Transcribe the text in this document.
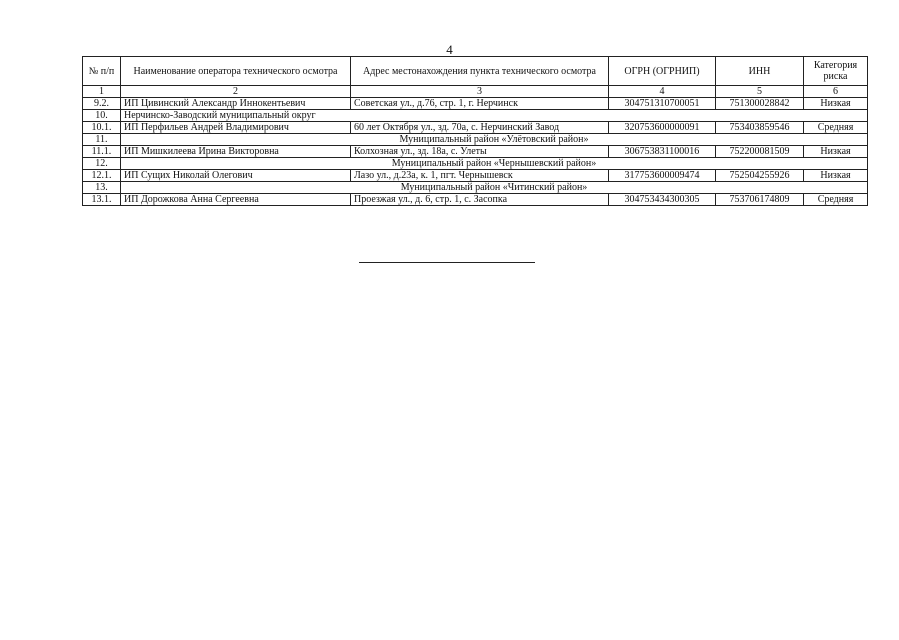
4
№ п/п	Наименование оператора технического осмотра	Адрес местонахождения пункта технического осмотра	ОГРН (ОГРНИП)	ИНН	Категория риска
1	2	3	4	5	6
9.2.	ИП Цивинский Александр Иннокентьевич	Советская ул., д.76, стр. 1, г. Нерчинск	304751310700051	751300028842	Низкая
10.	Нерчинско-Заводский муниципальный округ				
10.1.	ИП Перфильев Андрей Владимирович	60 лет Октября ул., зд. 70а, с. Нерчинский Завод	320753600000091	753403859546	Средняя
11.	Муниципальный район «Улётовский район»				
11.1.	ИП Мишкилеева Ирина Викторовна	Колхозная ул., зд. 18а, с. Улеты	306753831100016	752200081509	Низкая
12.	Муниципальный район «Чернышевский район»				
12.1.	ИП Сущих Николай Олегович	Лазо ул., д.23а, к. 1, пгт. Чернышевск	317753600009474	752504255926	Низкая
13.	Муниципальный район «Читинский район»				
13.1.	ИП Дорожкова Анна Сергеевна	Проезжая ул., д. 6, стр. 1, с. Засопка	304753434300305	753706174809	Средняя
